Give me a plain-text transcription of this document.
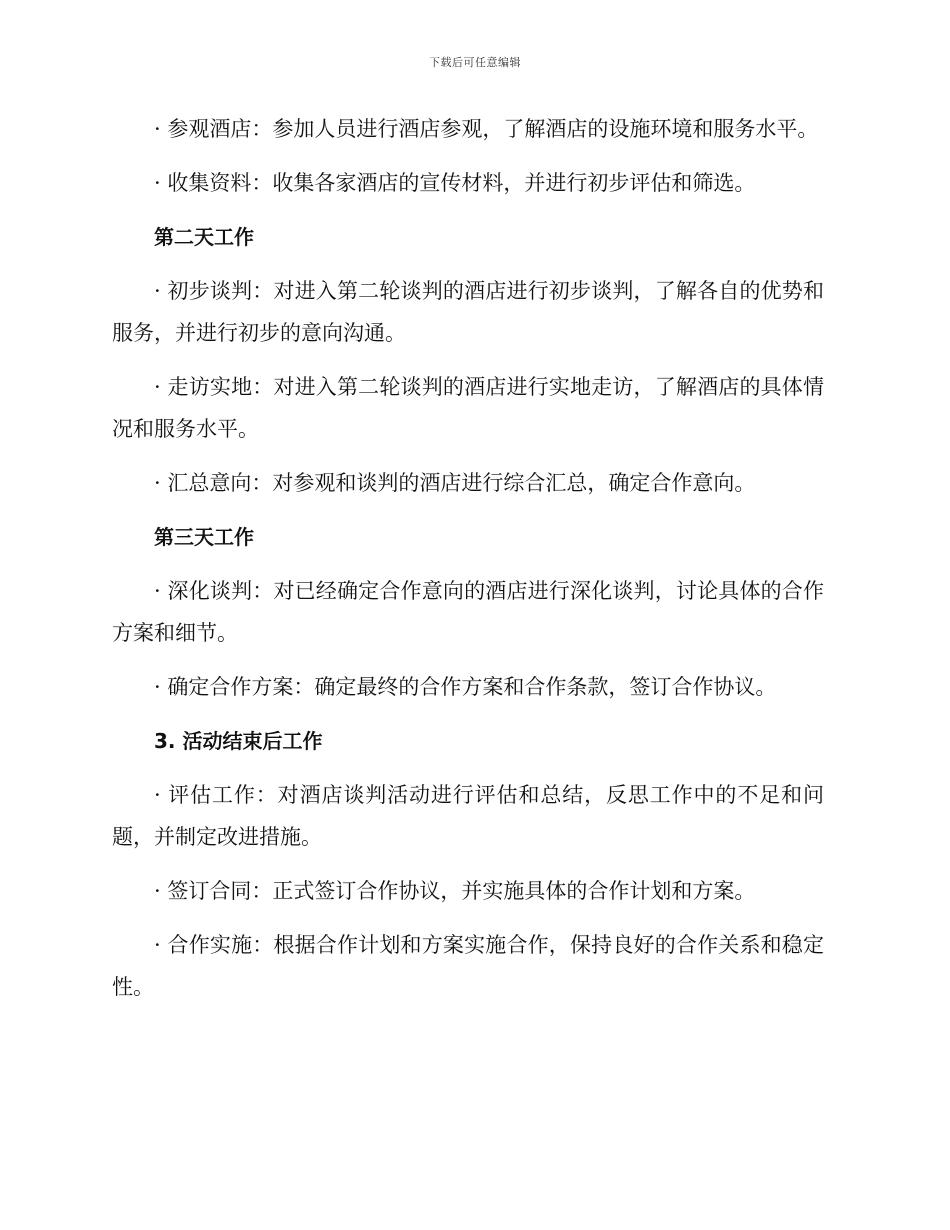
下载后可任意编辑

· 参观酒店：参加人员进行酒店参观，了解酒店的设施环境和服务水平。

· 收集资料：收集各家酒店的宣传材料，并进行初步评估和筛选。

第二天工作

· 初步谈判：对进入第二轮谈判的酒店进行初步谈判，了解各自的优势和服务，并进行初步的意向沟通。

· 走访实地：对进入第二轮谈判的酒店进行实地走访，了解酒店的具体情况和服务水平。

· 汇总意向：对参观和谈判的酒店进行综合汇总，确定合作意向。

第三天工作

· 深化谈判：对已经确定合作意向的酒店进行深化谈判，讨论具体的合作方案和细节。

· 确定合作方案：确定最终的合作方案和合作条款，签订合作协议。

3. 活动结束后工作

· 评估工作：对酒店谈判活动进行评估和总结，反思工作中的不足和问题，并制定改进措施。

· 签订合同：正式签订合作协议，并实施具体的合作计划和方案。

· 合作实施：根据合作计划和方案实施合作，保持良好的合作关系和稳定性。
